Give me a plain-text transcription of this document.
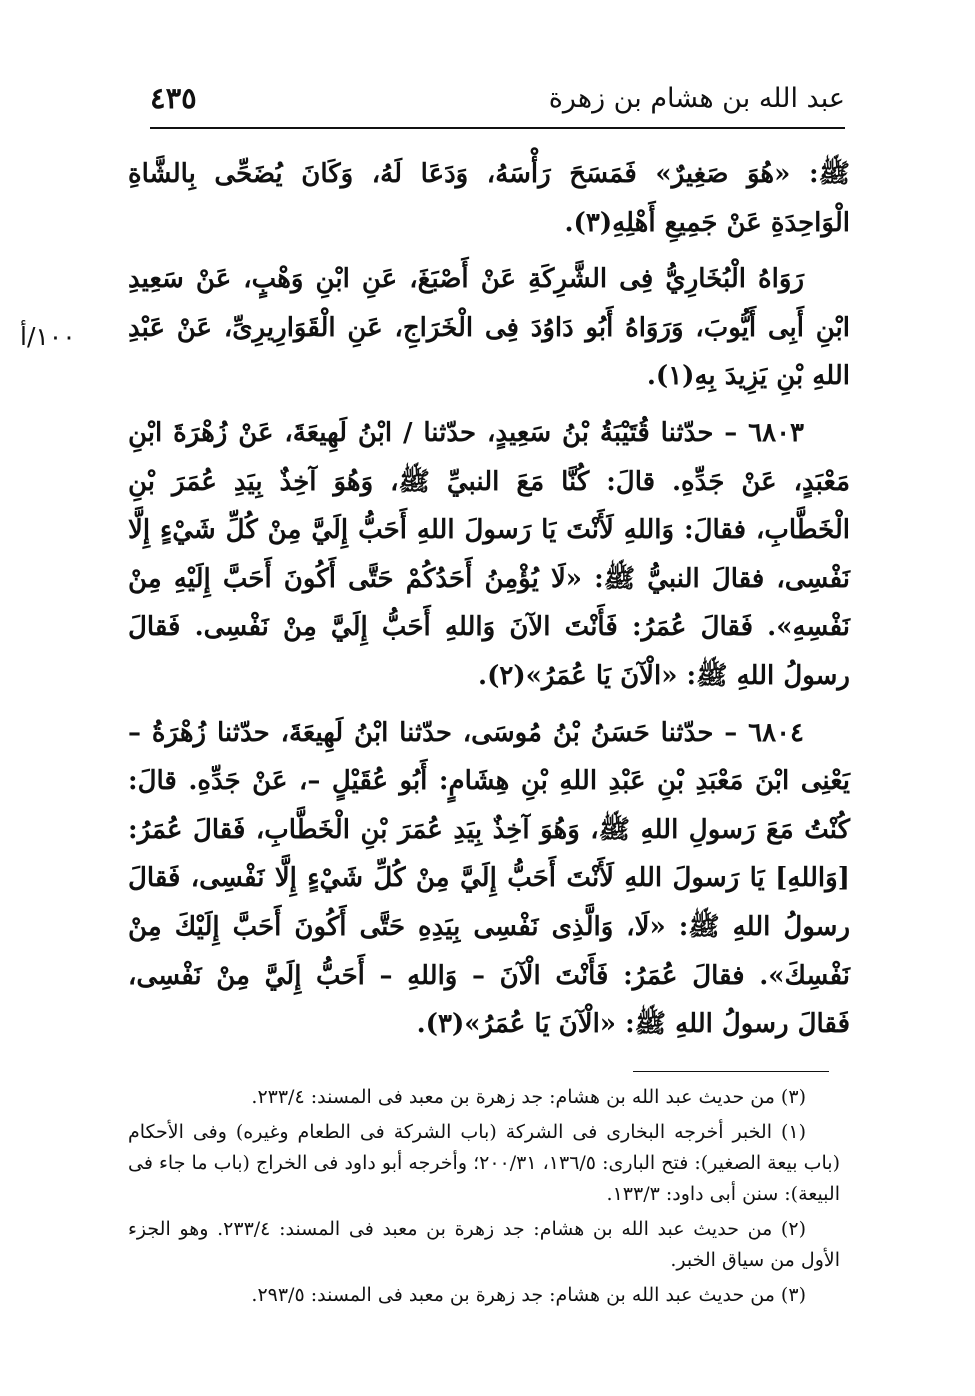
عبد الله بن هشام بن زهرة
٤٣٥
١٠٠/أ

ﷺ: «هُوَ صَغِيرٌ» فَمَسَحَ رَأْسَهُ، وَدَعَا لَهُ، وَكَانَ يُضَحِّى بِالشَّاةِ الْوَاحِدَةِ عَنْ جَمِيعِ أَهْلِهِ(٣).

رَوَاهُ الْبُخَارِيُّ فِى الشَّرِكَةِ عَنْ أَصْبَغَ، عَنِ ابْنِ وَهْبٍ، عَنْ سَعِيدِ ابْنِ أَبِى أَيُّوبَ، وَرَوَاهُ أَبُو دَاوُدَ فِى الْخَرَاجِ، عَنِ الْقَوَارِيرِىِّ، عَنْ عَبْدِ اللهِ بْنِ يَزِيدَ بِهِ(١).

٦٨٠٣ – حدّثنا قُتَيْبَةُ بْنُ سَعِيدٍ، حدّثنا / ابْنُ لَهِيعَةَ، عَنْ زُهْرَةَ ابْنِ مَعْبَدٍ، عَنْ جَدِّهِ. قالَ: كُنَّا مَعَ النبيِّ ﷺ، وَهُوَ آخِذٌ بِيَدِ عُمَرَ بْنِ الْخَطَّابِ، فقالَ: وَاللهِ لَأَنْتَ يَا رَسولَ اللهِ أَحَبُّ إِلَيَّ مِنْ كُلِّ شَيْءٍ إِلَّا نَفْسِى، فقالَ النبيُّ ﷺ: «لَا يُؤْمِنُ أَحَدُكُمْ حَتَّى أَكُونَ أَحَبَّ إِلَيْهِ مِنْ نَفْسِهِ». فَقالَ عُمَرُ: فَأَنْتَ الآنَ وَاللهِ أَحَبُّ إِلَيَّ مِنْ نَفْسِى. فَقالَ رسولُ اللهِ ﷺ: «الْآنَ يَا عُمَرُ»(٢).

٦٨٠٤ – حدّثنا حَسَنُ بْنُ مُوسَى، حدّثنا ابْنُ لَهِيعَةَ، حدّثنا زُهْرَةُ – يَعْنِى ابْنَ مَعْبَدِ بْنِ عَبْدِ اللهِ بْنِ هِشَامٍ: أَبُو عُقَيْلٍ –، عَنْ جَدِّهِ. قالَ: كُنْتُ مَعَ رَسولِ اللهِ ﷺ، وَهُوَ آخِذٌ بِيَدِ عُمَرَ بْنِ الْخَطَّابِ، فَقالَ عُمَرُ: [وَاللهِ] يَا رَسولَ اللهِ لَأَنْتَ أَحَبُّ إِلَيَّ مِنْ كُلِّ شَيْءٍ إِلَّا نَفْسِى، فَقالَ رسولُ اللهِ ﷺ: «لَا، وَالَّذِى نَفْسِى بِيَدِهِ حَتَّى أَكُونَ أَحَبَّ إِلَيْكَ مِنْ نَفْسِكَ». فقالَ عُمَرُ: فَأَنْتَ الْآنَ – وَاللهِ – أَحَبُّ إِلَيَّ مِنْ نَفْسِى، فَقالَ رسولُ اللهِ ﷺ: «الْآنَ يَا عُمَرُ»(٣).

(٣) من حديث عبد الله بن هشام: جد زهرة بن معبد فى المسند: ٢٣٣/٤.

(١) الخبر أخرجه البخارى فى الشركة (باب الشركة فى الطعام وغيره) وفى الأحكام (باب بيعة الصغير): فتح البارى: ١٣٦/٥، ٢٠٠/٣١؛ وأخرجه أبو داود فى الخراج (باب ما جاء فى البيعة): سنن أبى داود: ١٣٣/٣.

(٢) من حديث عبد الله بن هشام: جد زهرة بن معبد فى المسند: ٢٣٣/٤. وهو الجزء الأول من سياق الخبر.

(٣) من حديث عبد الله بن هشام: جد زهرة بن معبد فى المسند: ٢٩٣/٥.
